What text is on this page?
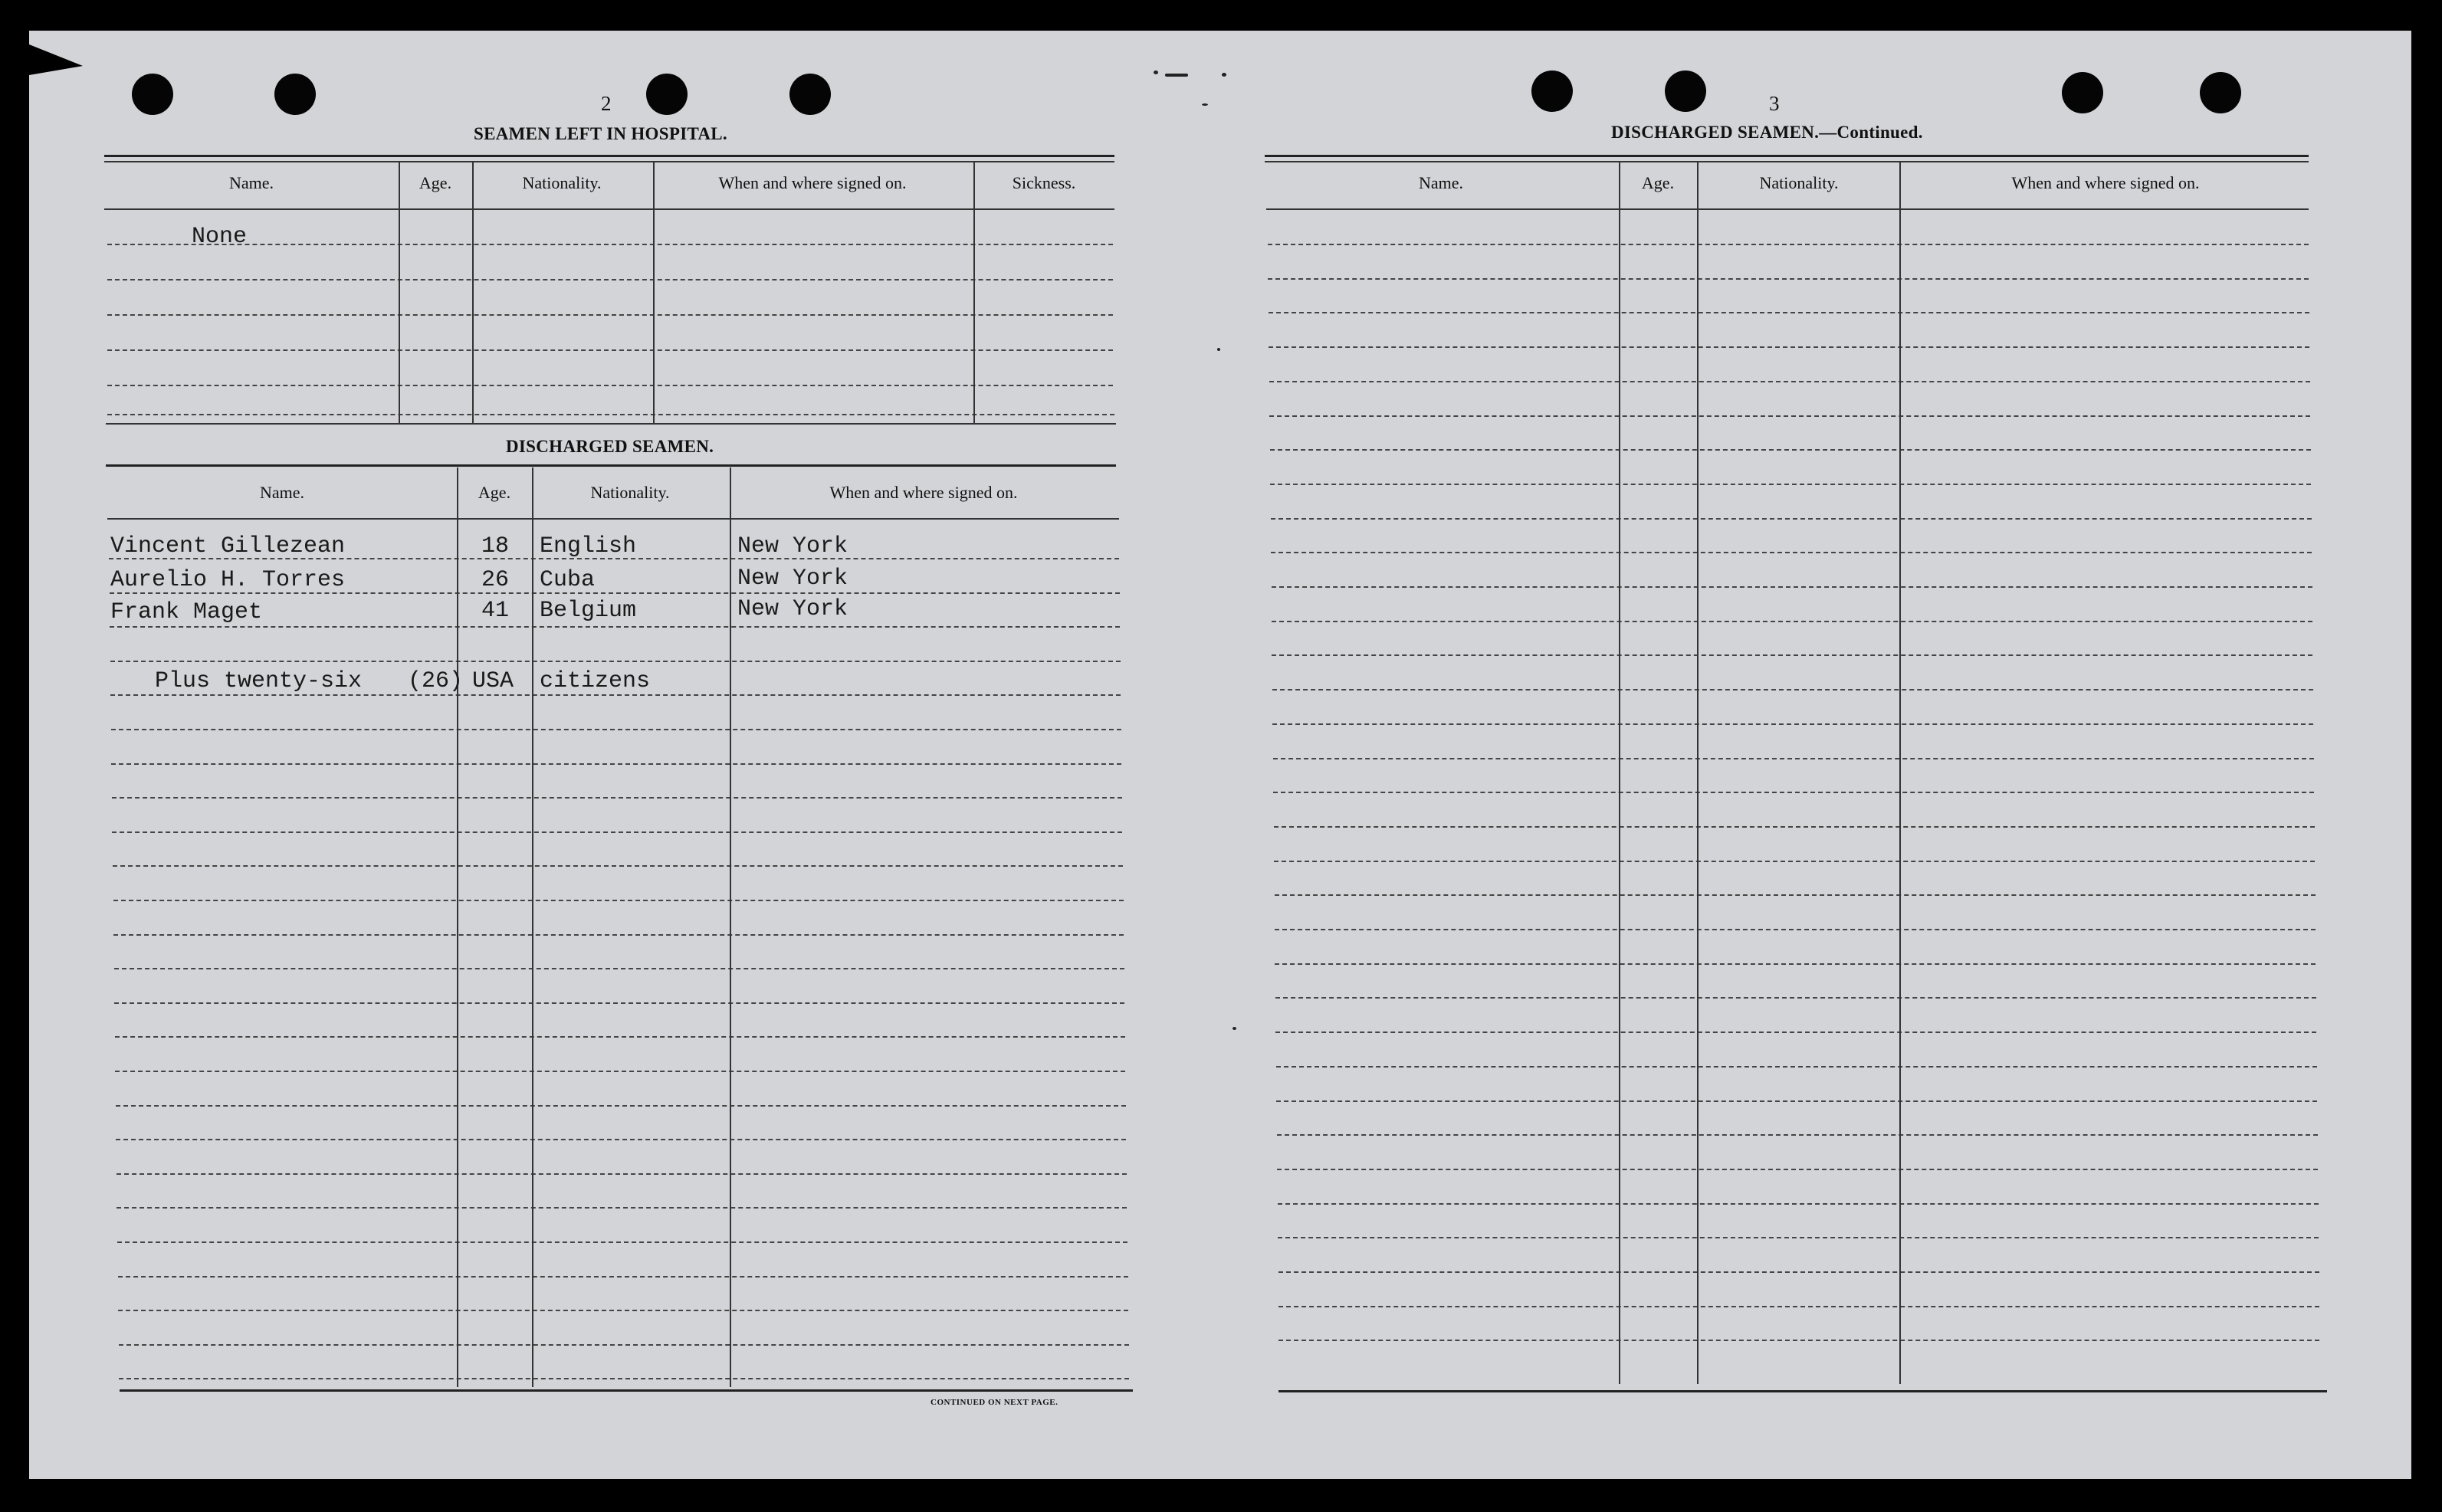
2
SEAMEN LEFT IN HOSPITAL.
Name.	Age.	Nationality.	When and where signed on.	Sickness.
None
DISCHARGED SEAMEN.
Name.	Age.	Nationality.	When and where signed on.
Vincent Gillezean	18 English	New York
Aurelio H. Torres	26 Cuba	New York
Frank Maget	41 Belgium	New York
Plus twenty-six (26) USA citizens
CONTINUED ON NEXT PAGE.
3
DISCHARGED SEAMEN.—Continued.
Name.	Age.	Nationality.	When and where signed on.
